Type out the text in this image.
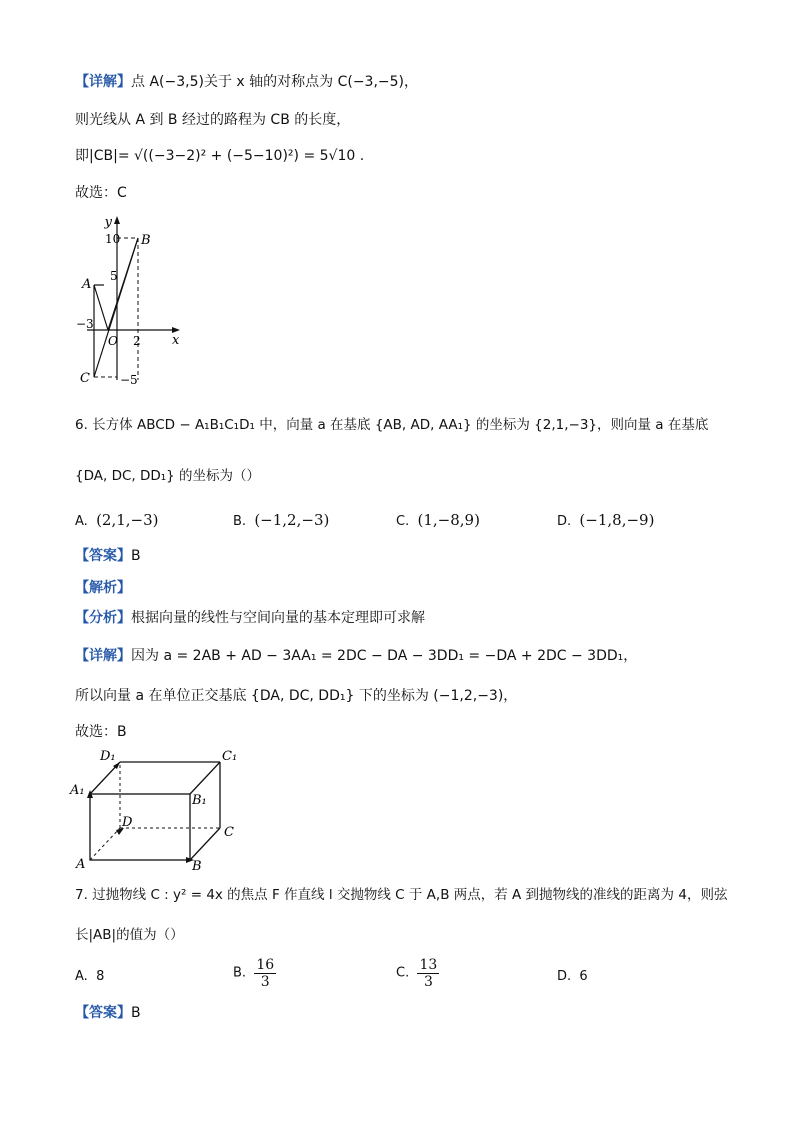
【详解】点 A(−3,5)关于 x 轴的对称点为 C(−3,−5)，
则光线从 A 到 B 经过的路程为 CB 的长度，
即|CB|= √((−3−2)² + (−5−10)²) = 5√10 .
故选：C
y
x
10
5
−3
O 2
−5
A
B
C
6. 长方体 ABCD − A₁B₁C₁D₁ 中，向量 a 在基底 {AB, AD, AA₁} 的坐标为 {2,1,−3}，则向量 a 在基底
{DA, DC, DD₁} 的坐标为（）
A. (2,1,−3)	B. (−1,2,−3)	C. (1,−8,9)	D. (−1,8,−9)
【答案】B
【解析】
【分析】根据向量的线性与空间向量的基本定理即可求解
【详解】因为 a = 2AB + AD − 3AA₁ = 2DC − DA − 3DD₁ = −DA + 2DC − 3DD₁，
所以向量 a 在单位正交基底 {DA, DC, DD₁} 下的坐标为 (−1,2,−3)，
故选：B
A	B
C
D
A₁
B₁
C₁
D₁
7. 过抛物线 C : y² = 4x 的焦点 F 作直线 l 交抛物线 C 于 A,B 两点，若 A 到抛物线的准线的距离为 4，则弦
长|AB|的值为（）
A. 8	B. $\frac{16}{3}$	C. $\frac{13}{3}$	D. 6
【答案】B
